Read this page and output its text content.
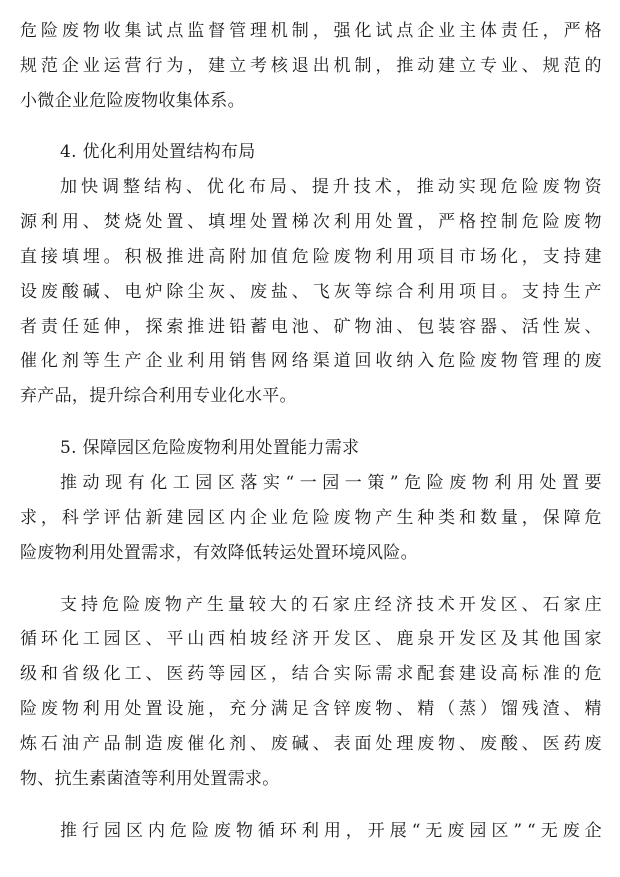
危 险 废 物 收 集 试 点 监 督 管 理 机 制 ， 强 化 试 点 企 业 主 体 责 任 ， 严 格
规 范 企 业 运 营 行 为 ， 建 立 考 核 退 出 机 制 ， 推 动 建 立 专 业 、 规 范 的
小微企业危险废物收集体系。
4. 优化利用处置结构布局
加 快 调 整 结 构 、 优 化 布 局 、 提 升 技 术 ， 推 动 实 现 危 险 废 物 资
源 利 用 、 焚 烧 处 置 、 填 埋 处 置 梯 次 利 用 处 置 ， 严 格 控 制 危 险 废 物
直 接 填 埋 。 积 极 推 进 高 附 加 值 危 险 废 物 利 用 项 目 市 场 化 ， 支 持 建
设 废 酸 碱 、 电 炉 除 尘 灰 、 废 盐 、 飞 灰 等 综 合 利 用 项 目 。 支 持 生 产
者 责 任 延 伸 ， 探 索 推 进 铅 蓄 电 池 、 矿 物 油 、 包 装 容 器 、 活 性 炭 、
催 化 剂 等 生 产 企 业 利 用 销 售 网 络 渠 道 回 收 纳 入 危 险 废 物 管 理 的 废
弃产品，提升综合利用专业化水平。
5. 保障园区危险废物利用处置能力需求
推 动 现 有 化 工 园 区 落 实 “ 一 园 一 策 ” 危 险 废 物 利 用 处 置 要
求 ， 科 学 评 估 新 建 园 区 内 企 业 危 险 废 物 产 生 种 类 和 数 量 ， 保 障 危
险废物利用处置需求，有效降低转运处置环境风险。
支 持 危 险 废 物 产 生 量 较 大 的 石 家 庄 经 济 技 术 开 发 区 、 石 家 庄
循 环 化 工 园 区 、 平 山 西 柏 坡 经 济 开 发 区 、 鹿 泉 开 发 区 及 其 他 国 家
级 和 省 级 化 工 、 医 药 等 园 区 ， 结 合 实 际 需 求 配 套 建 设 高 标 准 的 危
险 废 物 利 用 处 置 设 施 ， 充 分 满 足 含 锌 废 物 、 精 （ 蒸 ） 馏 残 渣 、 精
炼 石 油 产 品 制 造 废 催 化 剂 、 废 碱 、 表 面 处 理 废 物 、 废 酸 、 医 药 废
物、抗生素菌渣等利用处置需求。
推 行 园 区 内 危 险 废 物 循 环 利 用 ， 开 展 “ 无 废 园 区 ” “ 无 废 企
